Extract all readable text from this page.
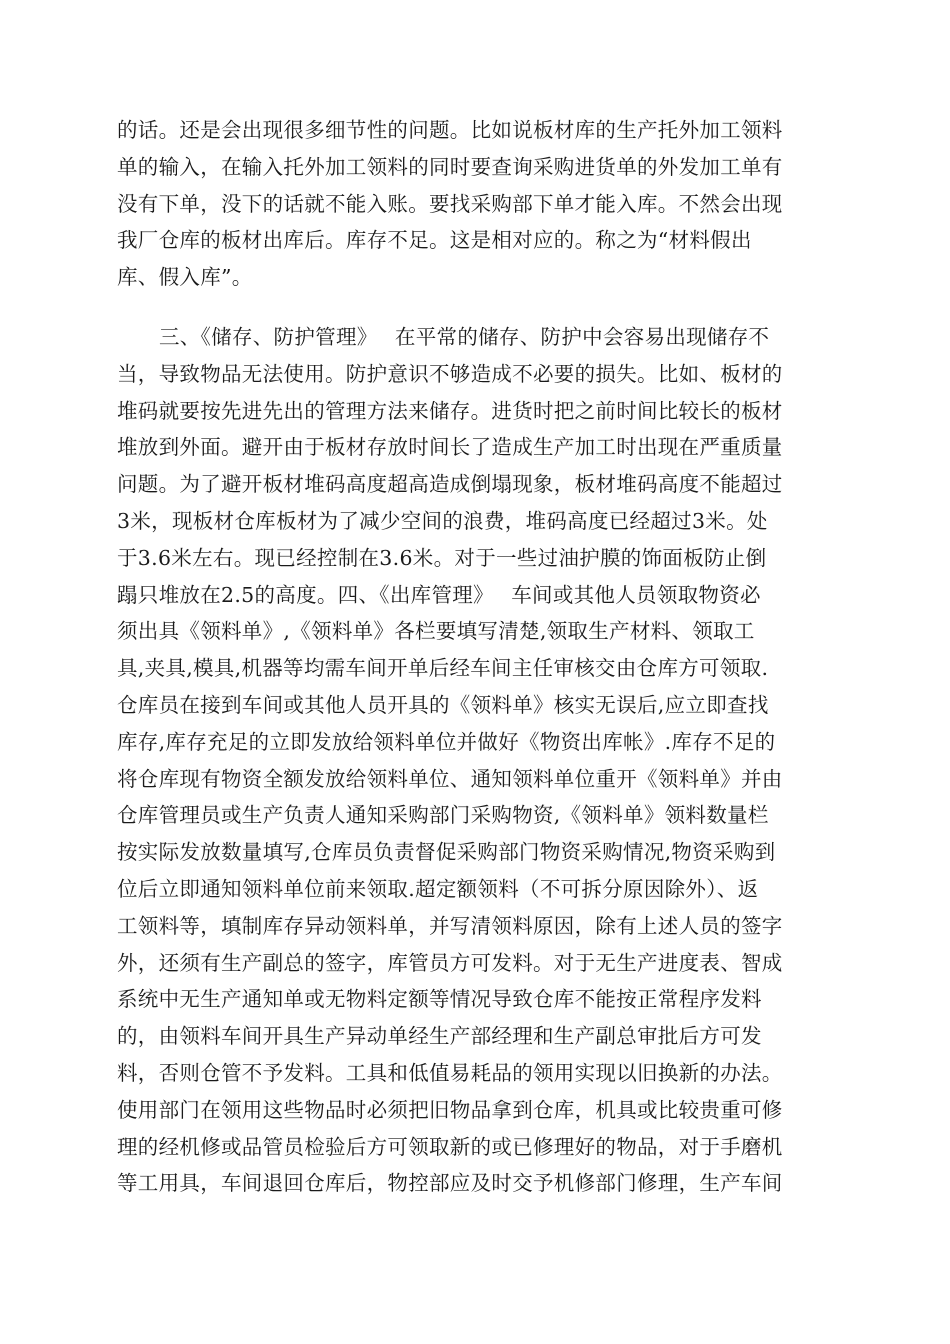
的话。还是会出现很多细节性的问题。比如说板材库的生产托外加工领料
单的输入，在输入托外加工领料的同时要查询采购进货单的外发加工单有
没有下单，没下的话就不能入账。要找采购部下单才能入库。不然会出现
我厂仓库的板材出库后。库存不足。这是相对应的。称之为“材料假出
库、假入库”。
三、《储存、防护管理》　 在平常的储存、防护中会容易出现储存不
当，导致物品无法使用。防护意识不够造成不必要的损失。比如、板材的
堆码就要按先进先出的管理方法来储存。进货时把之前时间比较长的板材
堆放到外面。避开由于板材存放时间长了造成生产加工时出现在严重质量
问题。为了避开板材堆码高度超高造成倒塌现象，板材堆码高度不能超过
3米，现板材仓库板材为了减少空间的浪费，堆码高度已经超过3米。处
于3.6米左右。现已经控制在3.6米。对于一些过油护膜的饰面板防止倒
蹋只堆放在2.5的高度。四、《出库管理》　 车间或其他人员领取物资必
须出具《领料单》,《领料单》各栏要填写清楚,领取生产材料、领取工
具,夹具,模具,机器等均需车间开单后经车间主任审核交由仓库方可领取.
仓库员在接到车间或其他人员开具的《领料单》核实无误后,应立即查找
库存,库存充足的立即发放给领料单位并做好《物资出库帐》.库存不足的
将仓库现有物资全额发放给领料单位、通知领料单位重开《领料单》并由
仓库管理员或生产负责人通知采购部门采购物资,《领料单》领料数量栏
按实际发放数量填写,仓库员负责督促采购部门物资采购情况,物资采购到
位后立即通知领料单位前来领取.超定额领料（不可拆分原因除外）、返
工领料等，填制库存异动领料单，并写清领料原因，除有上述人员的签字
外，还须有生产副总的签字，库管员方可发料。对于无生产进度表、智成
系统中无生产通知单或无物料定额等情况导致仓库不能按正常程序发料
的，由领料车间开具生产异动单经生产部经理和生产副总审批后方可发
料，否则仓管不予发料。工具和低值易耗品的领用实现以旧换新的办法。
使用部门在领用这些物品时必须把旧物品拿到仓库，机具或比较贵重可修
理的经机修或品管员检验后方可领取新的或已修理好的物品，对于手磨机
等工用具，车间退回仓库后，物控部应及时交予机修部门修理，生产车间
